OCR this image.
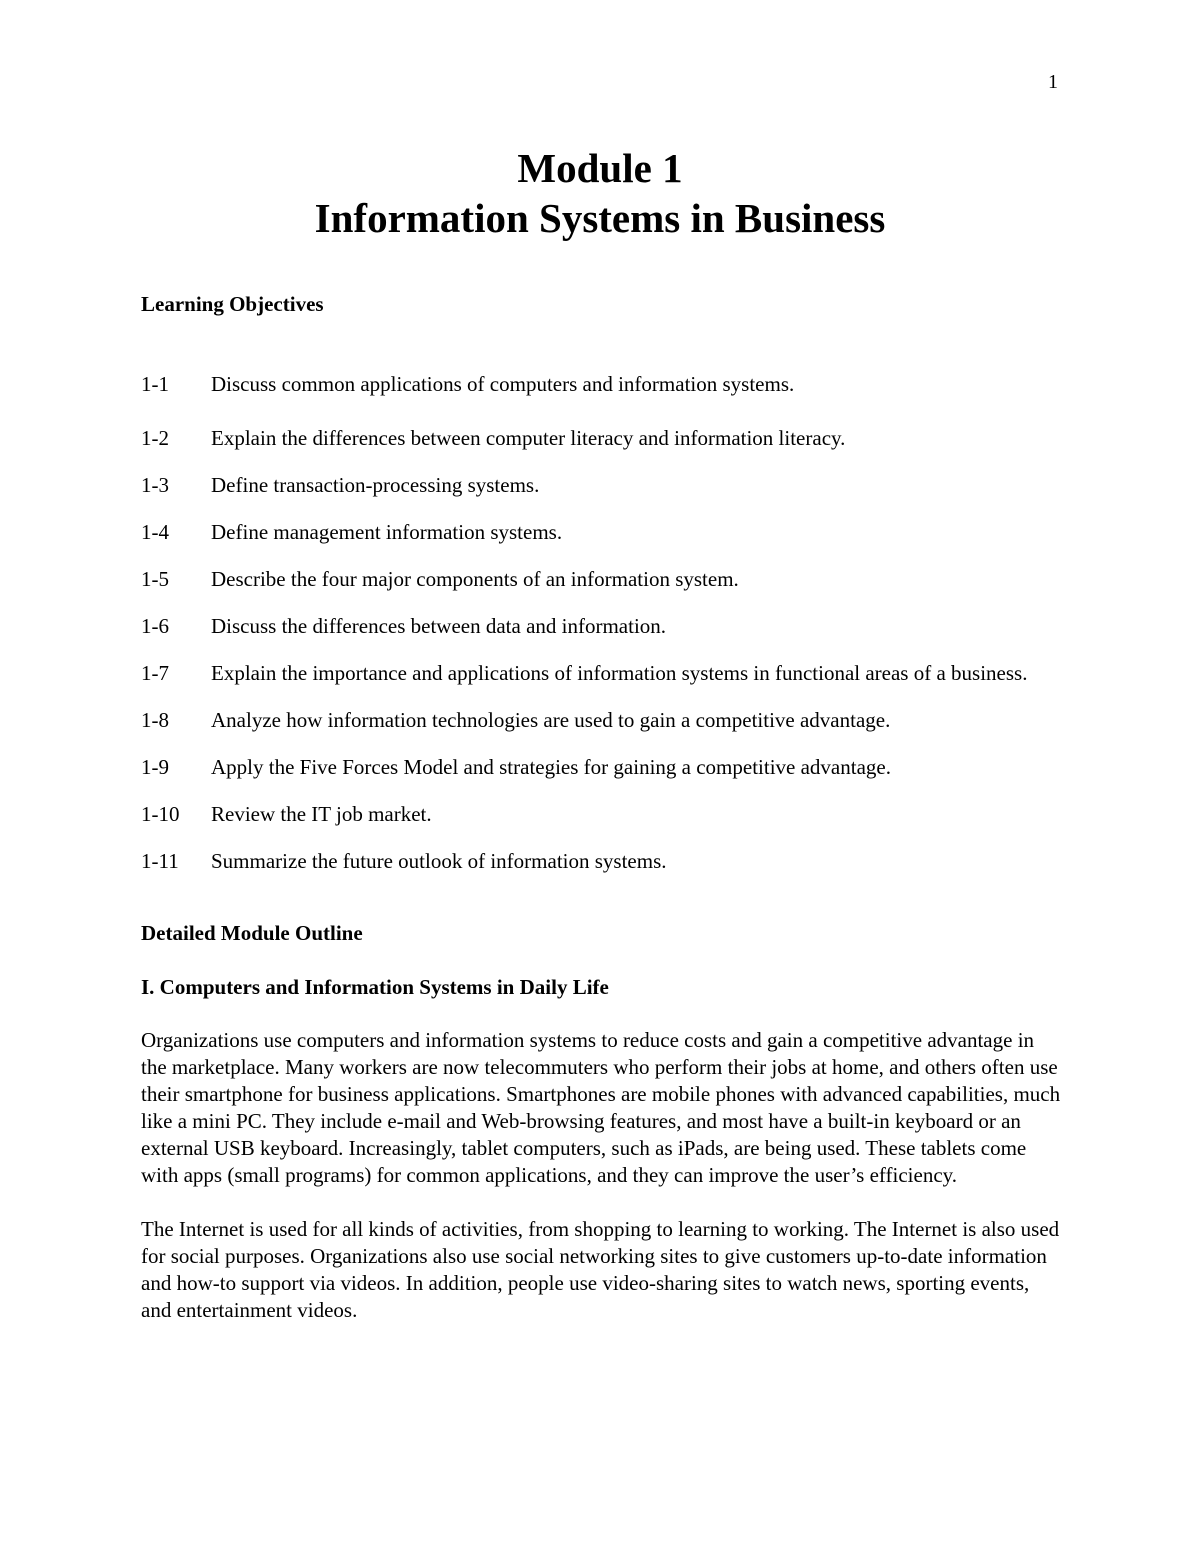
1
Module 1
Information Systems in Business
Learning Objectives
1-1 Discuss common applications of computers and information systems.
1-2 Explain the differences between computer literacy and information literacy.
1-3 Define transaction-processing systems.
1-4 Define management information systems.
1-5 Describe the four major components of an information system.
1-6 Discuss the differences between data and information.
1-7 Explain the importance and applications of information systems in functional areas of a business.
1-8 Analyze how information technologies are used to gain a competitive advantage.
1-9 Apply the Five Forces Model and strategies for gaining a competitive advantage.
1-10 Review the IT job market.
1-11 Summarize the future outlook of information systems.
Detailed Module Outline
I. Computers and Information Systems in Daily Life
Organizations use computers and information systems to reduce costs and gain a competitive advantage in the marketplace. Many workers are now telecommuters who perform their jobs at home, and others often use their smartphone for business applications. Smartphones are mobile phones with advanced capabilities, much like a mini PC. They include e-mail and Web-browsing features, and most have a built-in keyboard or an external USB keyboard. Increasingly, tablet computers, such as iPads, are being used. These tablets come with apps (small programs) for common applications, and they can improve the user’s efficiency.
The Internet is used for all kinds of activities, from shopping to learning to working. The Internet is also used for social purposes. Organizations also use social networking sites to give customers up-to-date information and how-to support via videos. In addition, people use video-sharing sites to watch news, sporting events, and entertainment videos.
